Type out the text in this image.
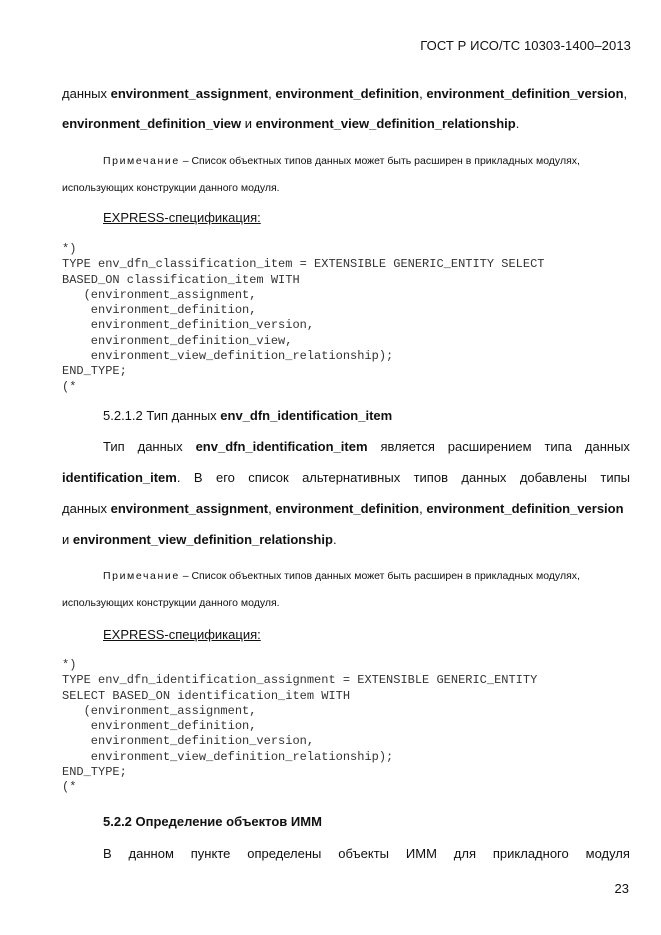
ГОСТ Р ИСО/ТС 10303-1400–2013
данных environment_assignment, environment_definition, environment_definition_version,
environment_definition_view и environment_view_definition_relationship.
Примечание – Список объектных типов данных может быть расширен в прикладных модулях,
использующих конструкции данного модуля.
EXPRESS-спецификация:
*)
TYPE env_dfn_classification_item = EXTENSIBLE GENERIC_ENTITY SELECT
BASED_ON classification_item WITH
(environment_assignment,
environment_definition,
environment_definition_version,
environment_definition_view,
environment_view_definition_relationship);
END_TYPE;
(*
5.2.1.2 Тип данных env_dfn_identification_item
Тип данных env_dfn_identification_item является расширением типа данных
identification_item. В его список альтернативных типов данных добавлены типы
данных environment_assignment, environment_definition, environment_definition_version
и environment_view_definition_relationship.
Примечание – Список объектных типов данных может быть расширен в прикладных модулях,
использующих конструкции данного модуля.
EXPRESS-спецификация:
*)
TYPE env_dfn_identification_assignment = EXTENSIBLE GENERIC_ENTITY
SELECT BASED_ON identification_item WITH
(environment_assignment,
environment_definition,
environment_definition_version,
environment_view_definition_relationship);
END_TYPE;
(*
5.2.2 Определение объектов ИММ
В данном пункте определены объекты ИММ для прикладного модуля
23
